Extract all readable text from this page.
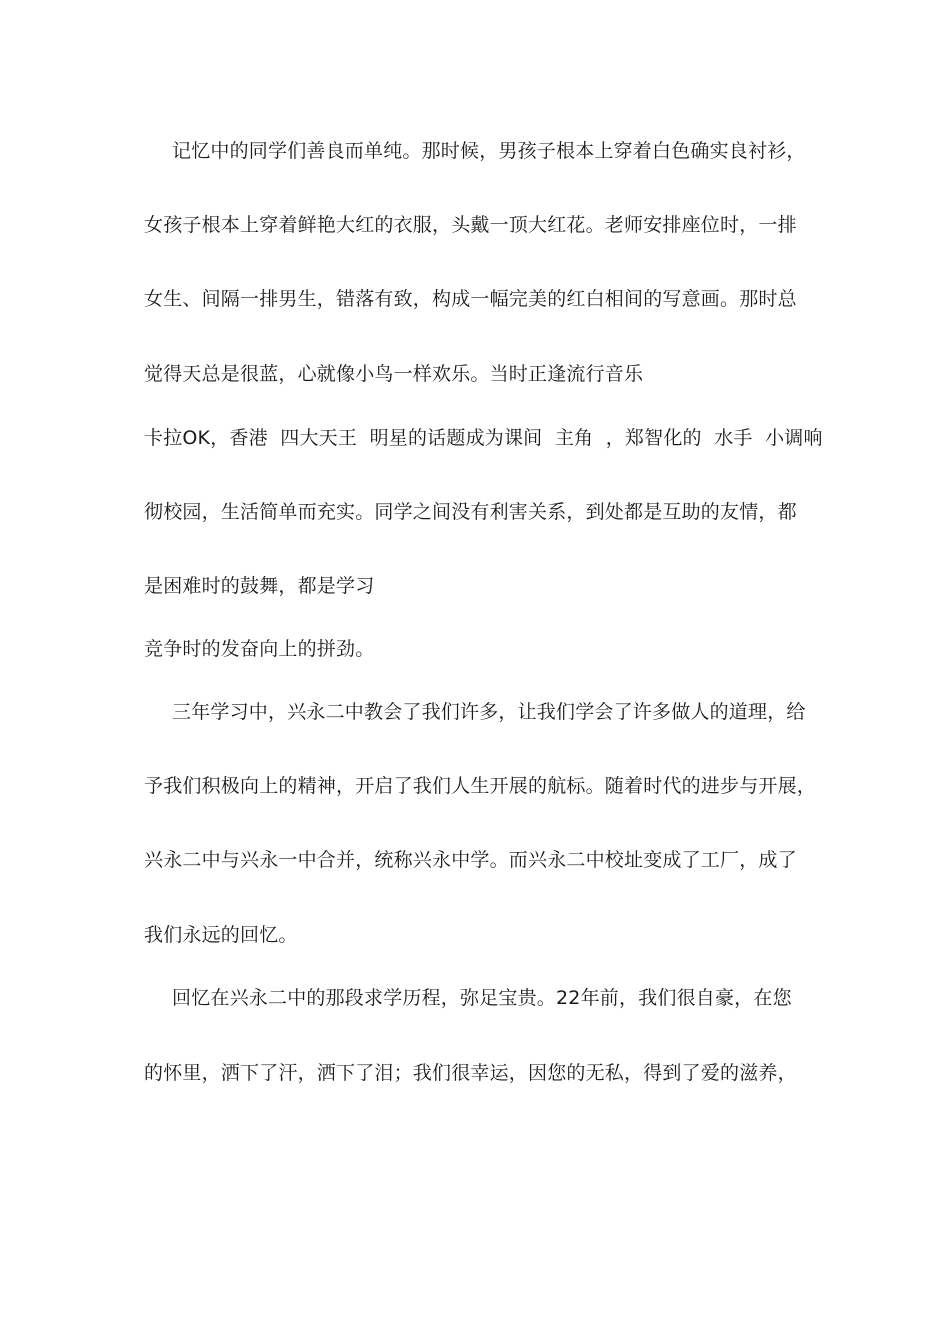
记忆中的同学们善良而单纯。那时候，男孩子根本上穿着白色确实良衬衫，
女孩子根本上穿着鲜艳大红的衣服，头戴一顶大红花。老师安排座位时，一排
女生、间隔一排男生，错落有致，构成一幅完美的红白相间的写意画。那时总
觉得天总是很蓝，心就像小鸟一样欢乐。当时正逢流行音乐
卡拉OK，香港  四大天王  明星的话题成为课间  主角  ，郑智化的  水手  小调响
彻校园，生活简单而充实。同学之间没有利害关系，到处都是互助的友情，都
是困难时的鼓舞，都是学习
竞争时的发奋向上的拼劲。
三年学习中，兴永二中教会了我们许多，让我们学会了许多做人的道理，给
予我们积极向上的精神，开启了我们人生开展的航标。随着时代的进步与开展，
兴永二中与兴永一中合并，统称兴永中学。而兴永二中校址变成了工厂，成了
我们永远的回忆。
回忆在兴永二中的那段求学历程，弥足宝贵。22年前，我们很自豪，在您
的怀里，洒下了汗，洒下了泪；我们很幸运，因您的无私，得到了爱的滋养，
